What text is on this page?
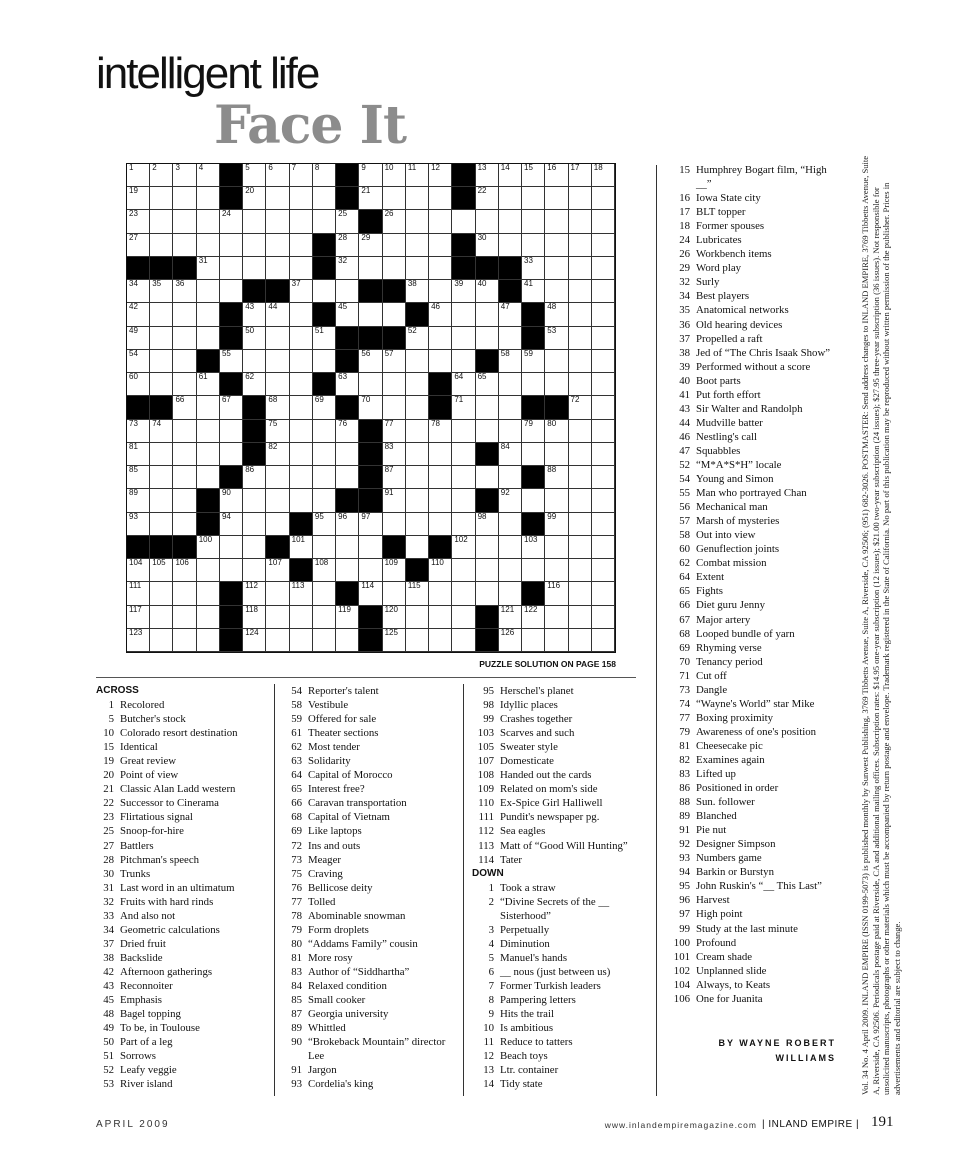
intelligent life
Face It
1 2 3 4	5 6 7 8	9 10 11 12	13 14 15 16 17 18
19	20	21	22
23	24	25	26
27	28 29	30
31	32	33
34 35 36	37	38	39 40	41
42	43 44	45	46	47	48
49	50	51	52	53
54	55	56 57	58 59
60	61	62	63	64 65
66	67	68	69	70	71	72
73 74	75	76	77	78	79 80
81	82	83	84
85	86	87	88
89	90	91	92
93	94	95 96 97	98	99
100	101	102	103
104 105 106	107	108	109	110
111	112	113	114	115	116
117	118	119	120	121 122
123	124	125	126
PUZZLE SOLUTION ON PAGE 158
ACROSS
1 Recolored
5 Butcher's stock
10 Colorado resort destination
15 Identical
19 Great review
20 Point of view
21 Classic Alan Ladd western
22 Successor to Cinerama
23 Flirtatious signal
25 Snoop-for-hire
27 Battlers
28 Pitchman's speech
30 Trunks
31 Last word in an ultimatum
32 Fruits with hard rinds
33 And also not
34 Geometric calculations
37 Dried fruit
38 Backslide
42 Afternoon gatherings
43 Reconnoiter
45 Emphasis
48 Bagel topping
49 To be, in Toulouse
50 Part of a leg
51 Sorrows
52 Leafy veggie
53 River island
54 Reporter's talent
58 Vestibule
59 Offered for sale
61 Theater sections
62 Most tender
63 Solidarity
64 Capital of Morocco
65 Interest free?
66 Caravan transportation
68 Capital of Vietnam
69 Like laptops
72 Ins and outs
73 Meager
75 Craving
76 Bellicose deity
77 Tolled
78 Abominable snowman
79 Form droplets
80 “Addams Family” cousin
81 More rosy
83 Author of “Siddhartha”
84 Relaxed condition
85 Small cooker
87 Georgia university
89 Whittled
90 “Brokeback Mountain” director Lee
91 Jargon
93 Cordelia's king
95 Herschel's planet
98 Idyllic places
99 Crashes together
103 Scarves and such
105 Sweater style
107 Domesticate
108 Handed out the cards
109 Related on mom's side
110 Ex-Spice Girl Halliwell
111 Pundit's newspaper pg.
112 Sea eagles
113 Matt of “Good Will Hunting”
114 Tater
DOWN
1 Took a straw
2 “Divine Secrets of the __ Sisterhood”
3 Perpetually
4 Diminution
5 Manuel's hands
6 __ nous (just between us)
7 Former Turkish leaders
8 Pampering letters
9 Hits the trail
10 Is ambitious
11 Reduce to tatters
12 Beach toys
13 Ltr. container
14 Tidy state
15 Humphrey Bogart film, “High __”
16 Iowa State city
17 BLT topper
18 Former spouses
24 Lubricates
26 Workbench items
29 Word play
32 Surly
34 Best players
35 Anatomical networks
36 Old hearing devices
37 Propelled a raft
38 Jed of “The Chris Isaak Show”
39 Performed without a score
40 Boot parts
41 Put forth effort
43 Sir Walter and Randolph
44 Mudville batter
46 Nestling's call
47 Squabbles
52 “M*A*S*H” locale
54 Young and Simon
55 Man who portrayed Chan
56 Mechanical man
57 Marsh of mysteries
58 Out into view
60 Genuflection joints
62 Combat mission
64 Extent
65 Fights
66 Diet guru Jenny
67 Major artery
68 Looped bundle of yarn
69 Rhyming verse
70 Tenancy period
71 Cut off
73 Dangle
74 “Wayne's World” star Mike
77 Boxing proximity
79 Awareness of one's position
81 Cheesecake pic
82 Examines again
83 Lifted up
86 Positioned in order
88 Sun. follower
89 Blanched
91 Pie nut
92 Designer Simpson
93 Numbers game
94 Barkin or Burstyn
95 John Ruskin's “__ This Last”
96 Harvest
97 High point
99 Study at the last minute
100 Profound
101 Cream shade
102 Unplanned slide
104 Always, to Keats
106 One for Juanita
BY WAYNE ROBERT WILLIAMS	Vol. 34 No. 4 April 2009. INLAND EMPIRE (ISSN 0199-5073) is published monthly by Sunwest Publishing, 3769 Tibbetts Avenue, Suite A, Riverside, CA 92506; (951) 682-3026. POSTMASTER: Send address changes to INLAND EMPIRE, 3769 Tibbetts Avenue, Suite A, Riverside, CA 92506. Periodicals postage paid at Riverside, CA and additional mailing offices. Subscription rates: $14.95 one-year subscription (12 issues); $21.00 two-year subscription (24 issues); $27.95 three-year subscription (36 issues). Not responsible for unsolicited manuscripts, photographs or other materials which must be accompanied by return postage and envelope. Trademark registered in the State of California. No part of this publication may be reproduced without written permission of the publisher. Prices in advertisements and editorial are subject to change.
APRIL 2009	www.inlandempiremagazine.com | INLAND EMPIRE | 191
